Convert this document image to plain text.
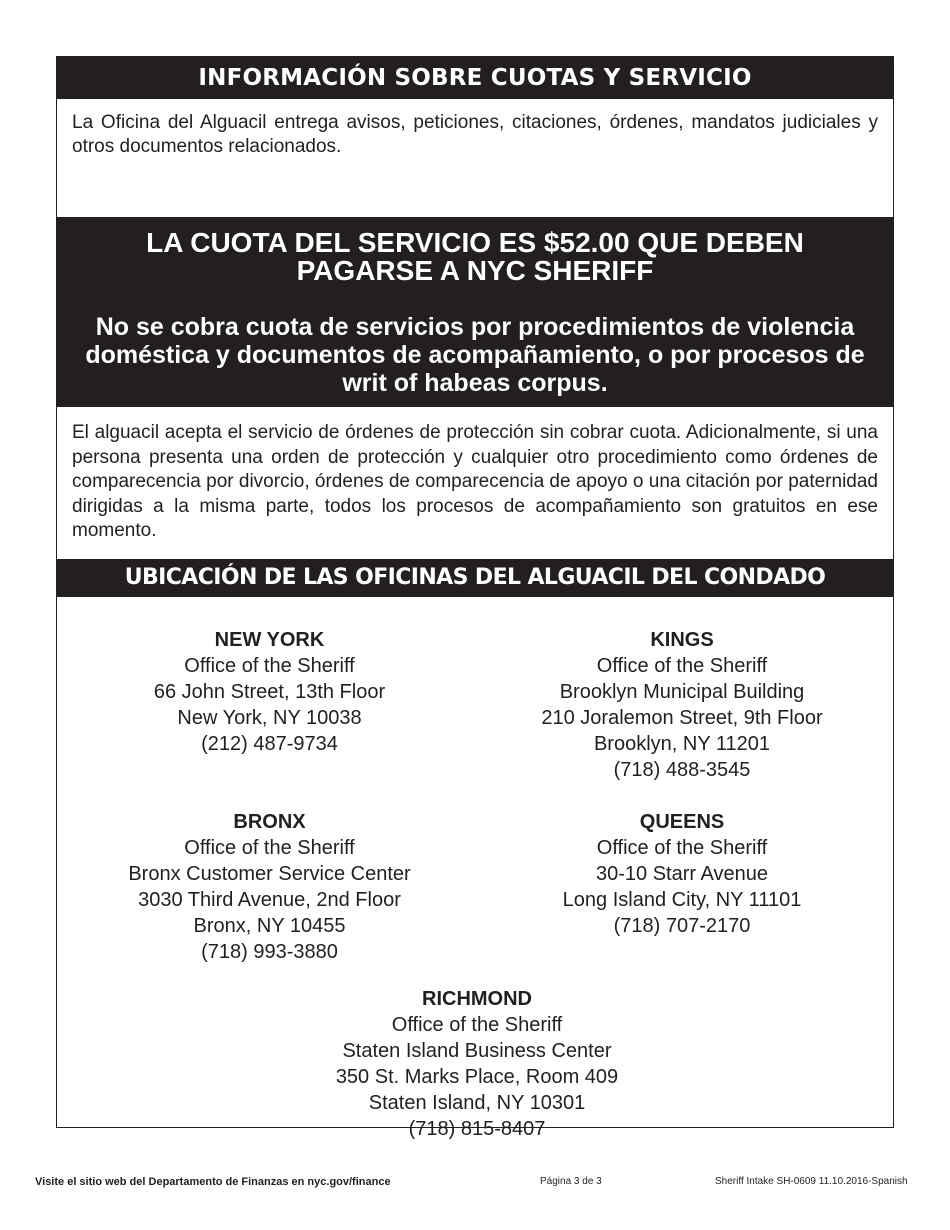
INFORMACIÓN SOBRE CUOTAS Y SERVICIO
La Oficina del Alguacil entrega avisos, peticiones, citaciones, órdenes, mandatos judiciales y otros documentos relacionados.
LA CUOTA DEL SERVICIO ES $52.00 QUE DEBEN
PAGARSE A NYC SHERIFF
No se cobra cuota de servicios por procedimientos de violencia doméstica y documentos de acompañamiento, o por procesos de writ of habeas corpus.
El alguacil acepta el servicio de órdenes de protección sin cobrar cuota. Adicionalmente, si una persona presenta una orden de protección y cualquier otro procedimiento como órdenes de comparecencia por divorcio, órdenes de comparecencia de apoyo o una citación por paternidad dirigidas a la misma parte, todos los procesos de acompañamiento son gratuitos en ese momento.
UBICACIÓN DE LAS OFICINAS DEL ALGUACIL DEL CONDADO
NEW YORK
Office of the Sheriff
66 John Street, 13th Floor
New York, NY 10038
(212) 487-9734
KINGS
Office of the Sheriff
Brooklyn Municipal Building
210 Joralemon Street, 9th Floor
Brooklyn, NY 11201
(718) 488-3545
BRONX
Office of the Sheriff
Bronx Customer Service Center
3030 Third Avenue, 2nd Floor
Bronx, NY 10455
(718) 993-3880
QUEENS
Office of the Sheriff
30-10 Starr Avenue
Long Island City, NY 11101
(718) 707-2170
RICHMOND
Office of the Sheriff
Staten Island Business Center
350 St. Marks Place, Room 409
Staten Island, NY 10301
(718) 815-8407
Visite el sitio web del Departamento de Finanzas en nyc.gov/finance	Página 3 de 3	Sheriff Intake SH-0609 11.10.2016-Spanish
